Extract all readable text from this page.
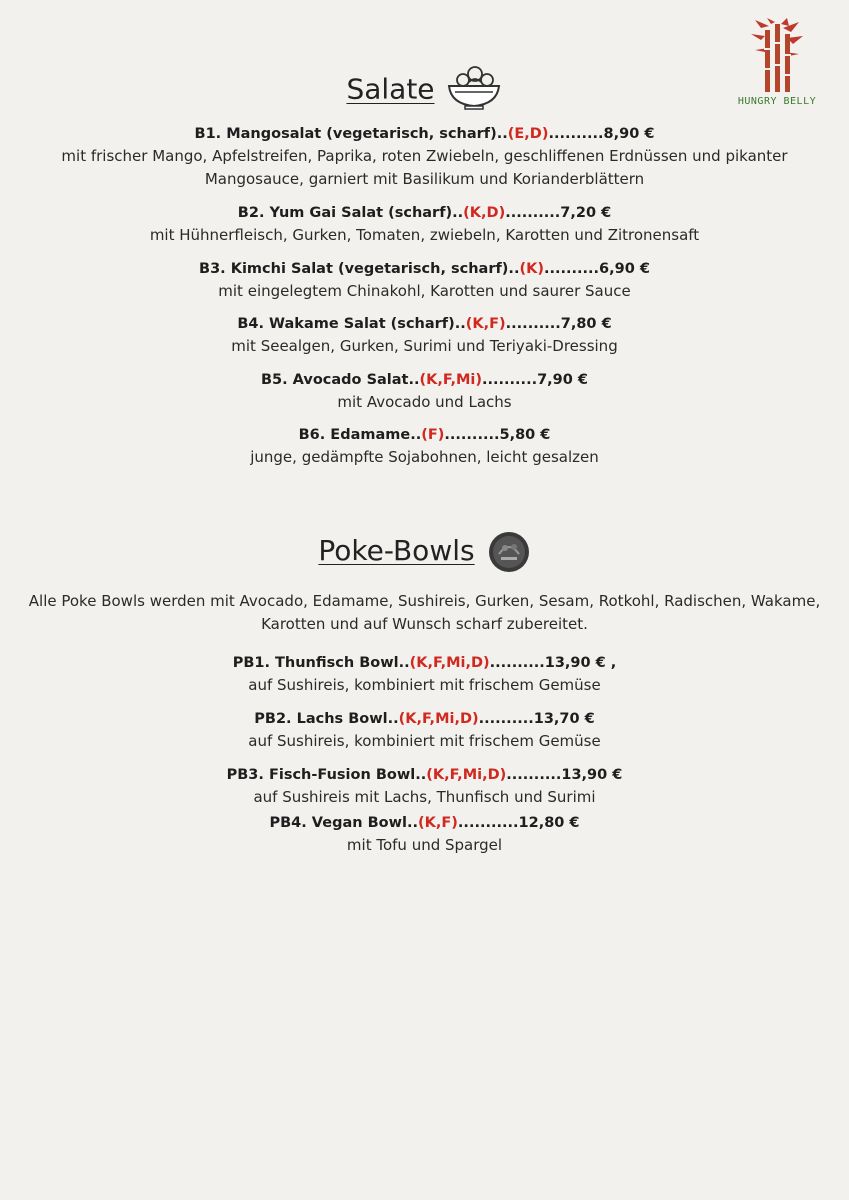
HUNGRY BELLY
Salate
B1. Mangosalat (vegetarisch, scharf)..(E,D)..........8,90 €
mit frischer Mango, Apfelstreifen, Paprika, roten Zwiebeln, geschliffenen Erdnüssen und pikanter Mangosauce, garniert mit Basilikum und Korianderblättern
B2. Yum Gai Salat (scharf)..(K,D)..........7,20 €
mit Hühnerfleisch, Gurken, Tomaten, zwiebeln, Karotten und Zitronensaft
B3. Kimchi Salat (vegetarisch, scharf)..(K)..........6,90 €
mit eingelegtem Chinakohl, Karotten und saurer Sauce
B4. Wakame Salat (scharf)..(K,F)..........7,80 €
mit Seealgen, Gurken, Surimi und Teriyaki-Dressing
B5. Avocado Salat..(K,F,Mi)..........7,90 €
mit Avocado und Lachs
B6. Edamame..(F)..........5,80 €
junge, gedämpfte Sojabohnen, leicht gesalzen
Poke-Bowls
Alle Poke Bowls werden mit Avocado, Edamame, Sushireis, Gurken, Sesam, Rotkohl, Radischen, Wakame, Karotten und auf Wunsch scharf zubereitet.
PB1. Thunfisch Bowl..(K,F,Mi,D)..........13,90 € ,
auf Sushireis, kombiniert mit frischem Gemüse
PB2. Lachs Bowl..(K,F,Mi,D)..........13,70 €
auf Sushireis, kombiniert mit frischem Gemüse
PB3. Fisch-Fusion Bowl..(K,F,Mi,D)..........13,90 €
auf Sushireis mit Lachs, Thunfisch und Surimi
PB4. Vegan Bowl..(K,F)...........12,80 €
mit Tofu und Spargel
